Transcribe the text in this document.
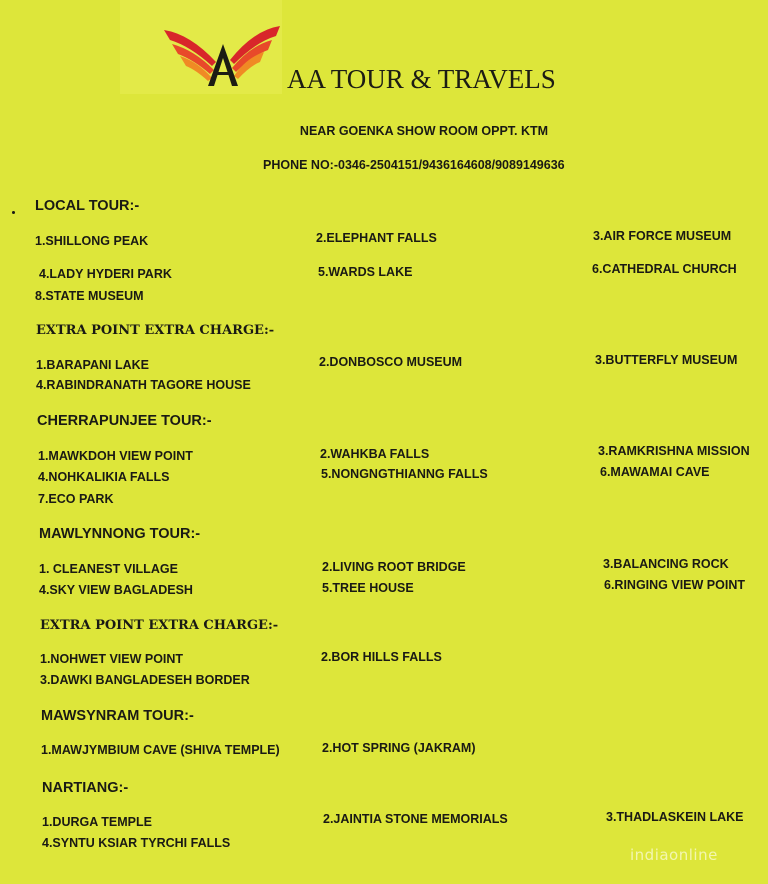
AA TOUR & TRAVELS
NEAR GOENKA SHOW ROOM OPPT. KTM
PHONE NO:-0346-2504151/9436164608/9089149636
LOCAL TOUR:-
1.SHILLONG PEAK	2.ELEPHANT FALLS	3.AIR FORCE MUSEUM
4.LADY HYDERI PARK	5.WARDS LAKE	6.CATHEDRAL CHURCH
8.STATE MUSEUM
EXTRA POINT EXTRA CHARGE:-
1.BARAPANI LAKE	2.DONBOSCO MUSEUM	3.BUTTERFLY MUSEUM
4.RABINDRANATH TAGORE HOUSE
CHERRAPUNJEE TOUR:-
1.MAWKDOH VIEW POINT	2.WAHKBA FALLS	3.RAMKRISHNA MISSION
4.NOHKALIKIA FALLS	5.NONGNGTHIANNG FALLS	6.MAWAMAI CAVE
7.ECO PARK
MAWLYNNONG TOUR:-
1. CLEANEST VILLAGE	2.LIVING ROOT BRIDGE	3.BALANCING ROCK
4.SKY VIEW BAGLADESH	5.TREE HOUSE	6.RINGING VIEW POINT
EXTRA POINT EXTRA CHARGE:-
1.NOHWET VIEW POINT	2.BOR HILLS FALLS
3.DAWKI BANGLADESEH BORDER
MAWSYNRAM TOUR:-
1.MAWJYMBIUM CAVE (SHIVA TEMPLE)	2.HOT SPRING (JAKRAM)
NARTIANG:-
1.DURGA TEMPLE	2.JAINTIA STONE MEMORIALS	3.THADLASKEIN LAKE
4.SYNTU KSIAR TYRCHI FALLS
indiaonline
